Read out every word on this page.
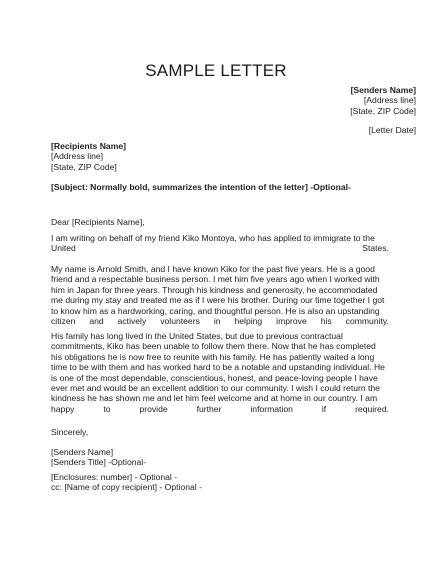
SAMPLE LETTER
[Senders Name]
[Address line]
[State, ZIP Code]
[Letter Date]
[Recipients Name]
[Address line]
[State, ZIP Code]
[Subject: Normally bold, summarizes the intention of the letter] -Optional-
Dear [Recipients Name],
I am writing on behalf of my friend Kiko Montoya, who has applied to immigrate to the
United	States.
My name is Arnold Smith, and I have known Kiko for the past five years. He is a good
friend and a respectable business person. I met him five years ago when I worked with
him in Japan for three years. Through his kindness and generosity, he accommodated
me during my stay and treated me as if I were his brother. During our time together I got
to know him as a hardworking, caring, and thoughtful person. He is also an upstanding
citizen and actively volunteers in helping improve his community.
His family has long lived in the United States, but due to previous contractual
commitments, Kiko has been unable to follow them there. Now that he has completed
his obligations he is now free to reunite with his family. He has patiently waited a long
time to be with them and has worked hard to be a notable and upstanding individual. He
is one of the most dependable, conscientious, honest, and peace-loving people I have
ever met and would be an excellent addition to our community. I wish I could return the
kindness he has shown me and let him feel welcome and at home in our country. I am
happy	to	provide	further	information	if	required.
Sincerely,
[Senders Name]
[Senders Title] -Optional-
[Enclosures: number] - Optional -
cc: [Name of copy recipient] - Optional -
